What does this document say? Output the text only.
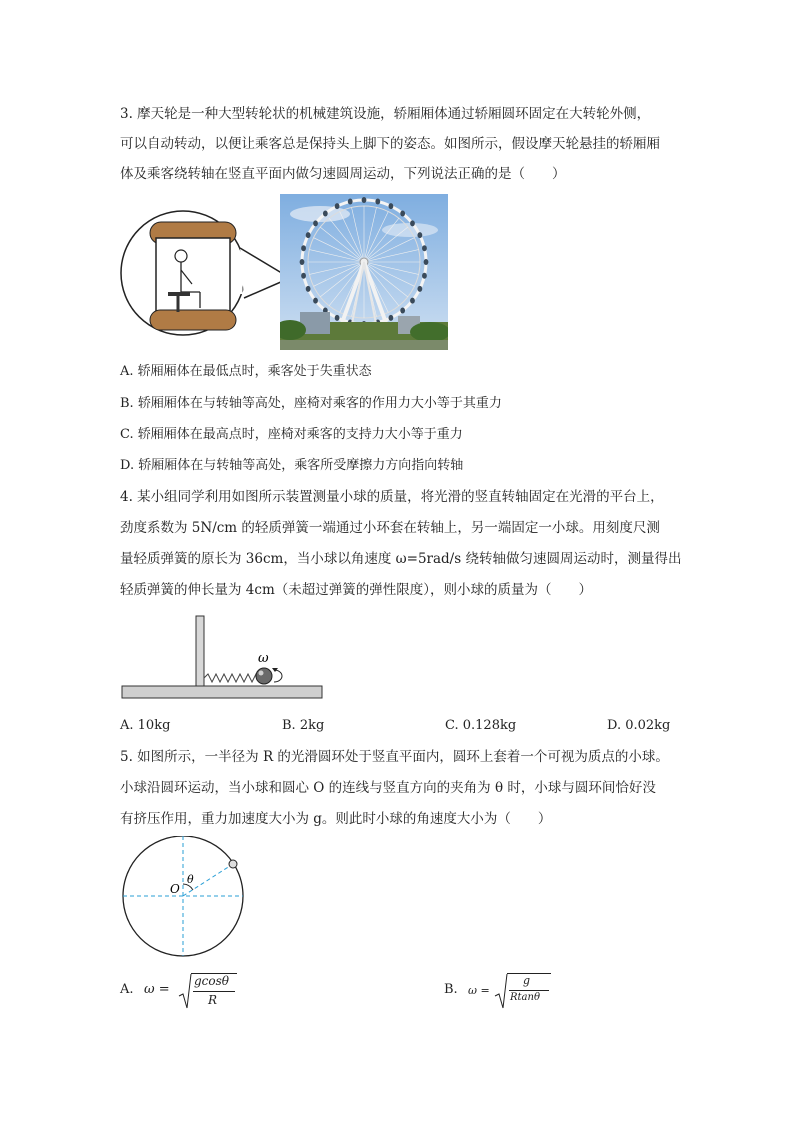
3. 摩天轮是一种大型转轮状的机械建筑设施，轿厢厢体通过轿厢圆环固定在大转轮外侧，
可以自动转动，以便让乘客总是保持头上脚下的姿态。如图所示，假设摩天轮悬挂的轿厢厢
体及乘客绕转轴在竖直平面内做匀速圆周运动，下列说法正确的是（　　）
A. 轿厢厢体在最低点时，乘客处于失重状态
B. 轿厢厢体在与转轴等高处，座椅对乘客的作用力大小等于其重力
C. 轿厢厢体在最高点时，座椅对乘客的支持力大小等于重力
D. 轿厢厢体在与转轴等高处，乘客所受摩擦力方向指向转轴
4. 某小组同学利用如图所示装置测量小球的质量，将光滑的竖直转轴固定在光滑的平台上，
劲度系数为 5N/cm 的轻质弹簧一端通过小环套在转轴上，另一端固定一小球。用刻度尺测
量轻质弹簧的原长为 36cm，当小球以角速度 ω=5rad/s 绕转轴做匀速圆周运动时，测量得出
轻质弹簧的伸长量为 4cm（未超过弹簧的弹性限度），则小球的质量为（　　）
ω
A. 10kg	B. 2kg	C. 0.128kg	D. 0.02kg
5. 如图所示，一半径为 R 的光滑圆环处于竖直平面内，圆环上套着一个可视为质点的小球。
小球沿圆环运动，当小球和圆心 O 的连线与竖直方向的夹角为 θ 时，小球与圆环间恰好没
有挤压作用，重力加速度大小为 g。则此时小球的角速度大小为（　　）
O
θ
A. ω =
gcosθ
R
B. ω =
g
Rtanθ
